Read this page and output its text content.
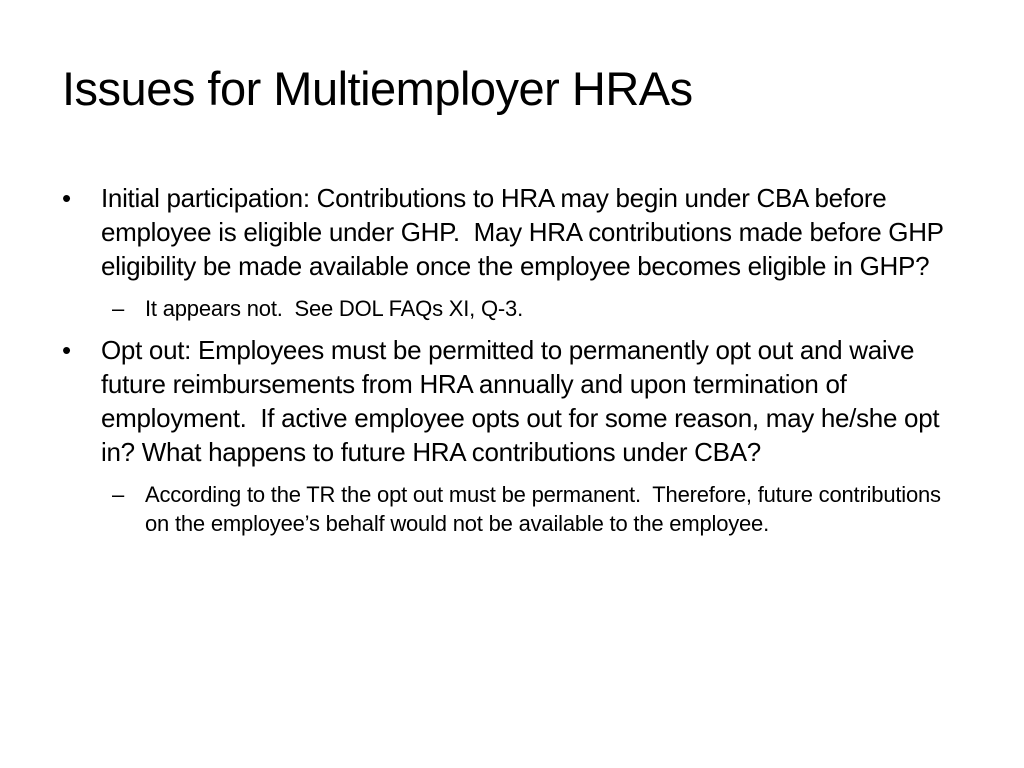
Issues for Multiemployer HRAs
•	Initial participation: Contributions to HRA may begin under CBA before employee is eligible under GHP.  May HRA contributions made before GHP eligibility be made available once the employee becomes eligible in GHP?
– It appears not.  See DOL FAQs XI, Q-3.
•	Opt out: Employees must be permitted to permanently opt out and waive future reimbursements from HRA annually and upon termination of employment.  If active employee opts out for some reason, may he/she opt in? What happens to future HRA contributions under CBA?
– According to the TR the opt out must be permanent.  Therefore, future contributions on the employee’s behalf would not be available to the employee.
